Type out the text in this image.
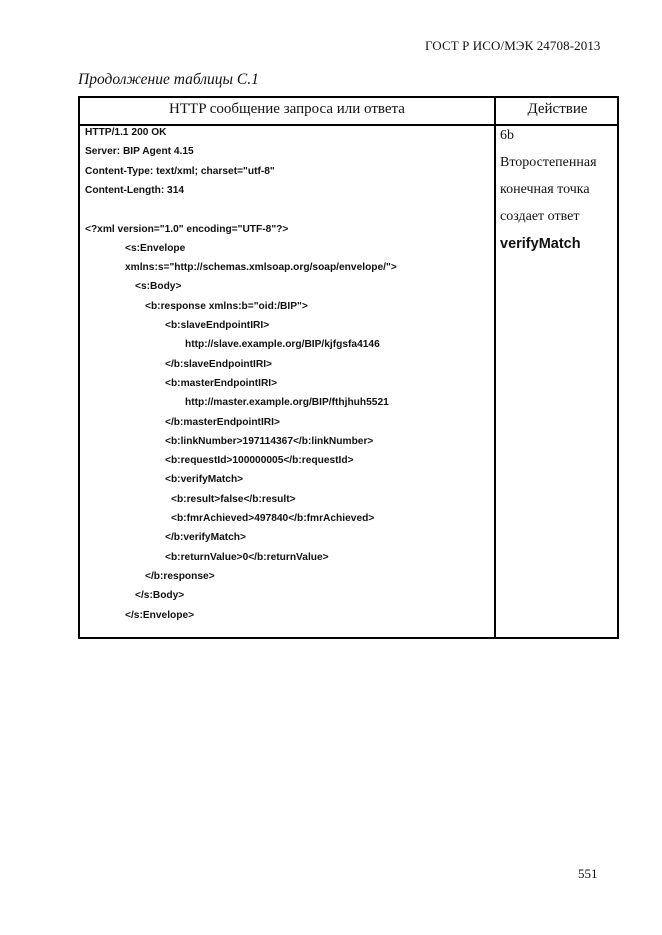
ГОСТ Р ИСО/МЭК 24708-2013
Продолжение таблицы С.1
HTTP сообщение запроса или ответа	Действие
HTTP/1.1 200 OK
Server: BIP Agent 4.15
Content-Type: text/xml; charset="utf-8"
Content-Length: 314
<?xml version="1.0" encoding="UTF-8"?>
<s:Envelope
xmlns:s="http://schemas.xmlsoap.org/soap/envelope/">
<s:Body>
<b:response xmlns:b="oid:/BIP">
<b:slaveEndpointIRI>
http://slave.example.org/BIP/kjfgsfa4146
</b:slaveEndpointIRI>
<b:masterEndpointIRI>
http://master.example.org/BIP/fthjhuh5521
</b:masterEndpointIRI>
<b:linkNumber>197114367</b:linkNumber>
<b:requestId>100000005</b:requestId>
<b:verifyMatch>
<b:result>false</b:result>
<b:fmrAchieved>497840</b:fmrAchieved>
</b:verifyMatch>
<b:returnValue>0</b:returnValue>
</b:response>
</s:Body>
</s:Envelope>
6b
Второстепенная
конечная точка
создает ответ
verifyMatch
551
